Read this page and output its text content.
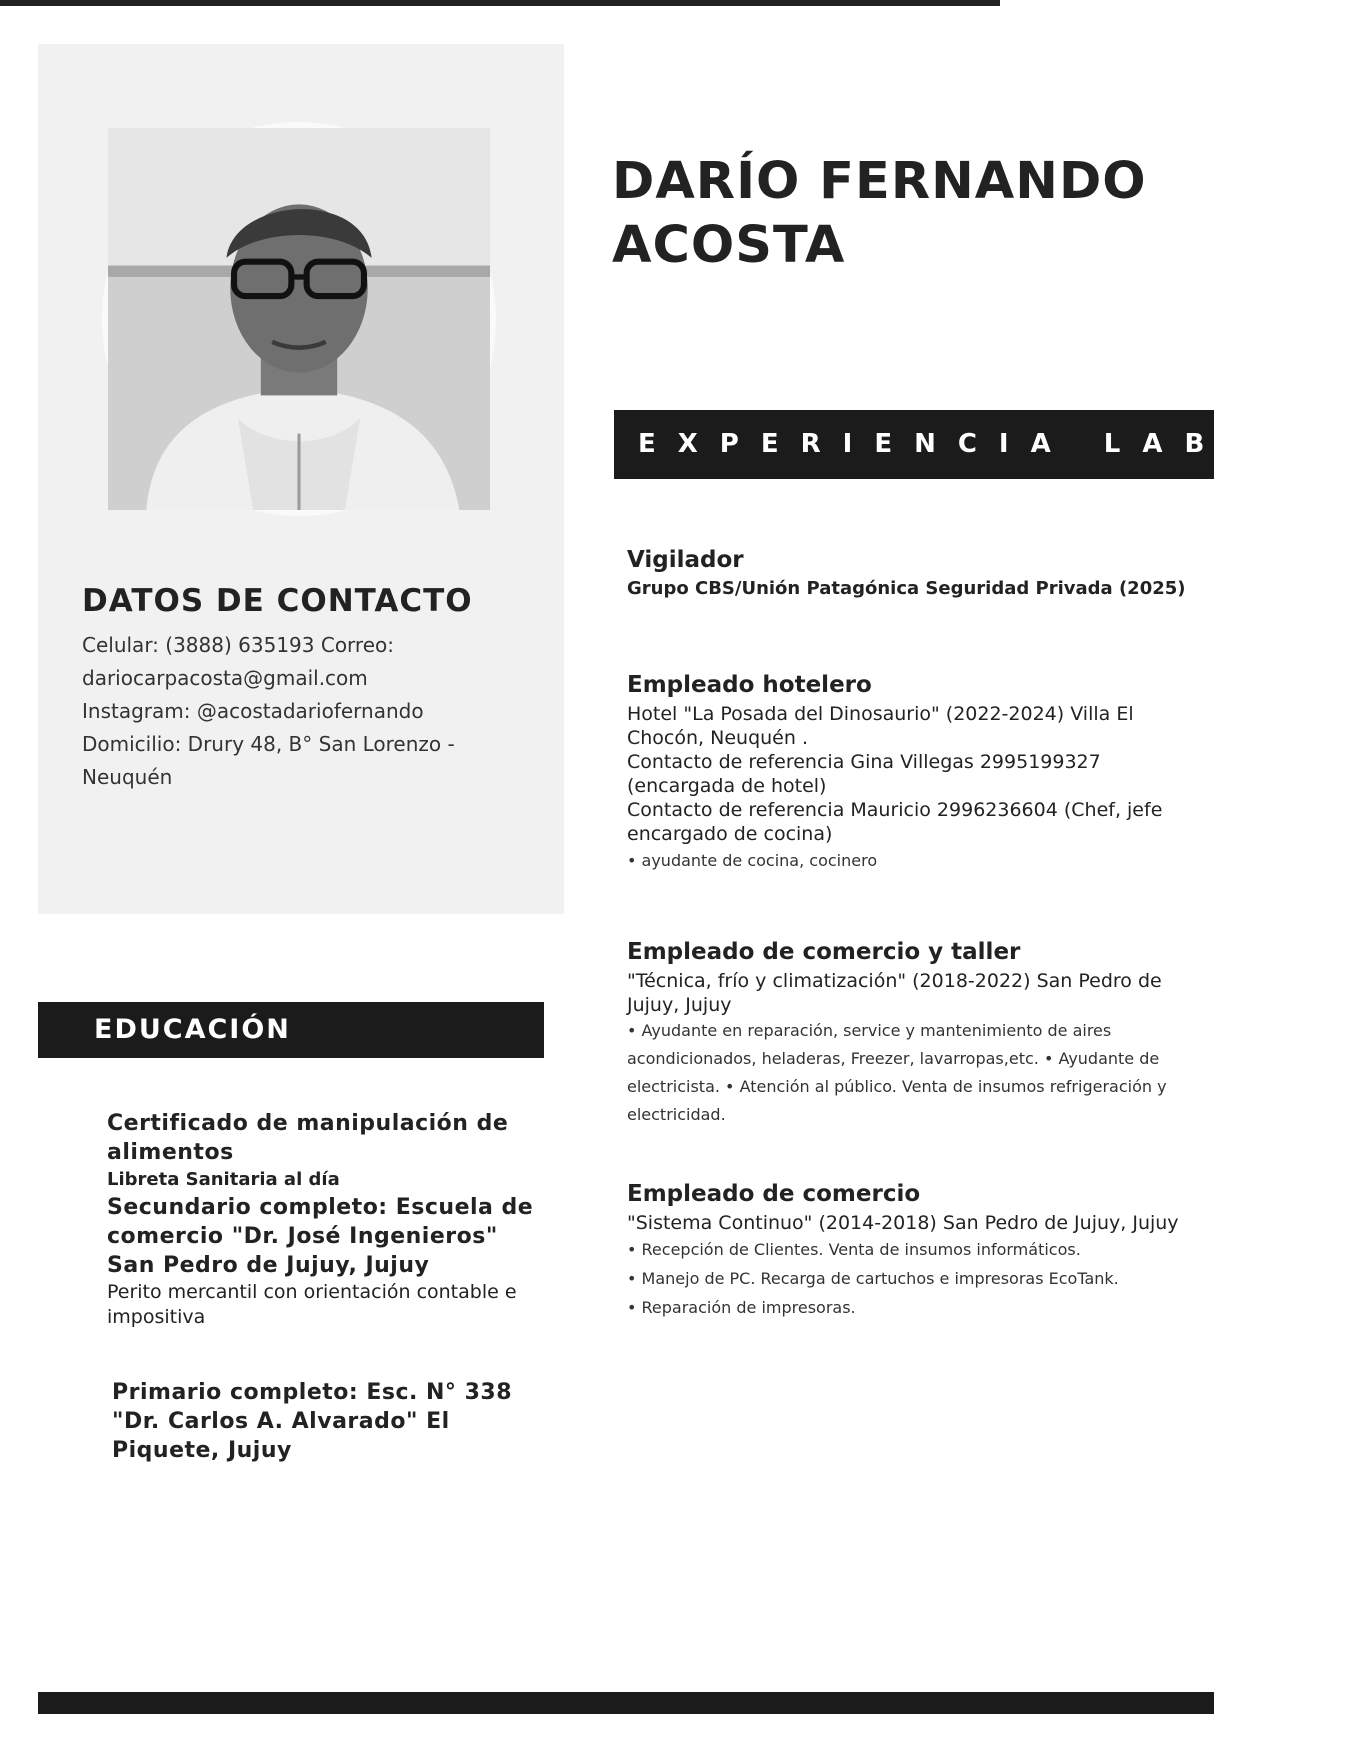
DARÍO FERNANDO
ACOSTA
EXPERIENCIA LABORA
DATOS DE CONTACTO

Celular: (3888) 635193 Correo:

dariocarpacosta@gmail.com

Instagram: @acostadariofernando

Domicilio: Drury 48, B° San Lorenzo -

Neuquén

Vigilador

Grupo CBS/Unión Patagónica Seguridad Privada (2025)

Empleado hotelero

Hotel "La Posada del Dinosaurio" (2022-2024) Villa El Chocón, Neuquén .

Contacto de referencia Gina Villegas 2995199327 (encargada de hotel)

Contacto de referencia Mauricio 2996236604 (Chef, jefe encargado de cocina)

• ayudante de cocina, cocinero

Empleado de comercio y taller

"Técnica, frío y climatización" (2018-2022) San Pedro de Jujuy, Jujuy

• Ayudante en reparación, service y mantenimiento de aires acondicionados, heladeras, Freezer, lavarropas,etc. • Ayudante de electricista. • Atención al público. Venta de insumos refrigeración y electricidad.

Empleado de comercio

"Sistema Continuo" (2014-2018) San Pedro de Jujuy, Jujuy

• Recepción de Clientes. Venta de insumos informáticos.

• Manejo de PC. Recarga de cartuchos e impresoras EcoTank.

• Reparación de impresoras.

EDUCACIÓN

Certificado de manipulación de alimentos

Libreta Sanitaria al día

Secundario completo: Escuela de comercio "Dr. José Ingenieros" San Pedro de Jujuy, Jujuy

Perito mercantil con orientación contable e impositiva

Primario completo: Esc. N° 338 "Dr. Carlos A. Alvarado" El Piquete, Jujuy
